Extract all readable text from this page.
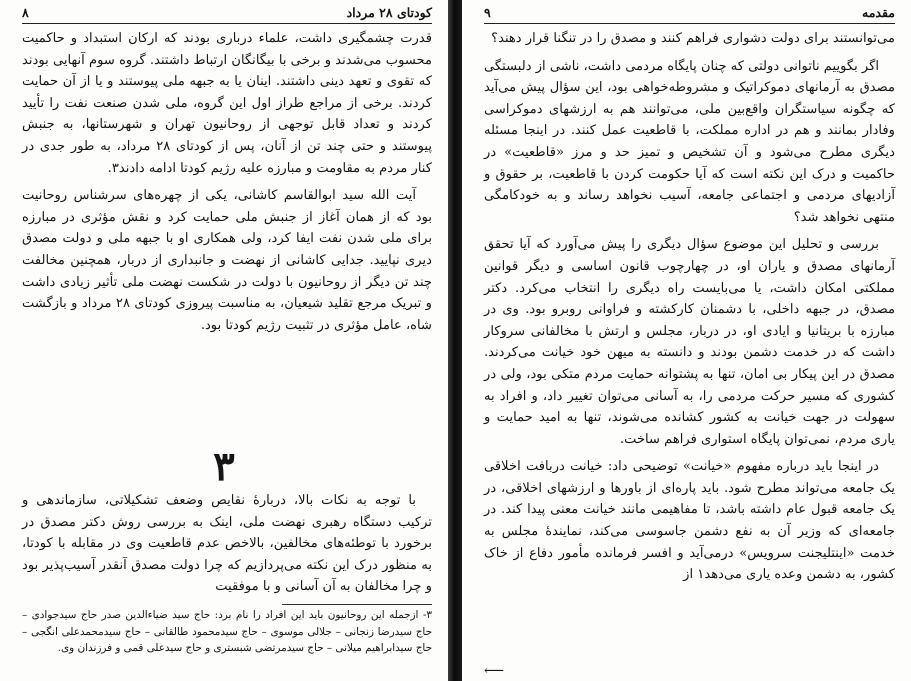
۸	کودتای ۲۸ مرداد

قدرت چشمگیری داشت، علماء درباری بودند که ارکان استبداد و حاکمیت محسوب می‌شدند و برخی با بیگانگان ارتباط داشتند. گروه سوم آنهایی بودند که تقوی و تعهد دینی داشتند. اینان یا به جبهه ملی پیوستند و یا از آن حمایت کردند. برخی از مراجع طراز اول این گروه، ملی شدن صنعت نفت را تأیید کردند و تعداد قابل توجهی از روحانیون تهران و شهرستانها، به جنبش پیوستند و حتی چند تن از آنان، پس از کودتای ۲۸ مرداد، به طور جدی در کنار مردم به مقاومت و مبارزه علیه رژیم کودتا ادامه دادند۳.

آیت الله سید ابوالقاسم کاشانی، یکی از چهره‌های سرشناس روحانیت بود که از همان آغاز از جنبش ملی حمایت کرد و نقش مؤثری در مبارزه برای ملی شدن نفت ایفا کرد، ولی همکاری او با جبهه ملی و دولت مصدق دیری نپایید. جدایی کاشانی از نهضت و جانبداری از دربار، همچنین مخالفت چند تن دیگر از روحانیون با دولت در شکست نهضت ملی تأثیر زیادی داشت و تبریک مرجع تقلید شیعیان، به مناسبت پیروزی کودتای ۲۸ مرداد و بازگشت شاه، عامل مؤثری در تثبیت رژیم کودتا بود.

۳

با توجه به نکات بالا، دربارهٔ نقایص وضعف تشکیلاتی، سازماندهی و ترکیب دستگاه رهبری نهضت ملی، اینک به بررسی روش دکتر مصدق در برخورد با توطئه‌های مخالفین، بالاخص عدم قاطعیت وی در مقابله با کودتا، به منظور درک این نکته می‌پردازیم که چرا دولت مصدق آنقدر آسیب‌پذیر بود و چرا مخالفان به آن آسانی و با موفقیت

۳- ازجمله این روحانیون باید این افراد را نام برد: حاج سید ضیاءالدین صدر حاج سیدجوادی – حاج سیدرضا زنجانی – جلالی موسوی – حاج سیدمحمود طالقانی – حاج سیدمحمدعلی انگجی – حاج سیدابراهیم میلانی – حاج سیدمرتضی شبستری و حاج سیدعلی قمی و فرزندان وی.

۹	مقدمه

می‌توانستند برای دولت دشواری فراهم کنند و مصدق را در تنگنا قرار دهند؟

اگر بگوییم ناتوانی دولتی که چنان پایگاه مردمی داشت، ناشی از دلبستگی مصدق به آرمانهای دموکراتیک و مشروطه‌خواهی بود، این سؤال پیش می‌آید که چگونه سیاستگران واقع‌بین ملی، می‌توانند هم به ارزشهای دموکراسی وفادار بمانند و هم در اداره مملکت، با قاطعیت عمل کنند. در اینجا مسئله دیگری مطرح می‌شود و آن تشخیص و تمیز حد و مرز «قاطعیت» در حاکمیت و درک این نکته است که آیا حکومت کردن با قاطعیت، بر حقوق و آزادیهای مردمی و اجتماعی جامعه، آسیب نخواهد رساند و به خودکامگی منتهی نخواهد شد؟

بررسی و تحلیل این موضوع سؤال دیگری را پیش می‌آورد که آیا تحقق آرمانهای مصدق و یاران او، در چهارچوب قانون اساسی و دیگر قوانین مملکتی امکان داشت، یا می‌بایست راه دیگری را انتخاب می‌کرد. دکتر مصدق، در جبهه داخلی، با دشمنان کارکشته و فراوانی روبرو بود. وی در مبارزه با بریتانیا و ایادی او، در دربار، مجلس و ارتش با مخالفانی سروکار داشت که در خدمت دشمن بودند و دانسته به میهن خود خیانت می‌کردند. مصدق در این پیکار بی امان، تنها به پشتوانه حمایت مردم متکی بود، ولی در کشوری که مسیر حرکت مردمی را، به آسانی می‌توان تغییر داد، و افراد به سهولت در جهت خیانت به کشور کشانده می‌شوند، تنها به امید حمایت و یاری مردم، نمی‌توان پایگاه استواری فراهم ساخت.

در اینجا باید درباره مفهوم «خیانت» توضیحی داد: خیانت دربافت اخلاقی یک جامعه می‌تواند مطرح شود. باید پاره‌ای از باورها و ارزشهای اخلاقی، در یک جامعه قبول عام داشته باشد، تا مفاهیمی مانند خیانت معنی پیدا کند. در جامعه‌ای که وزیر آن به نفع دشمن جاسوسی می‌کند، نمایندهٔ مجلس به خدمت «اینتلیجنت سرویس» درمی‌آید و افسر فرمانده مأمور دفاع از خاک کشور، به دشمن وعده یاری می‌دهد۱ از

⟵
